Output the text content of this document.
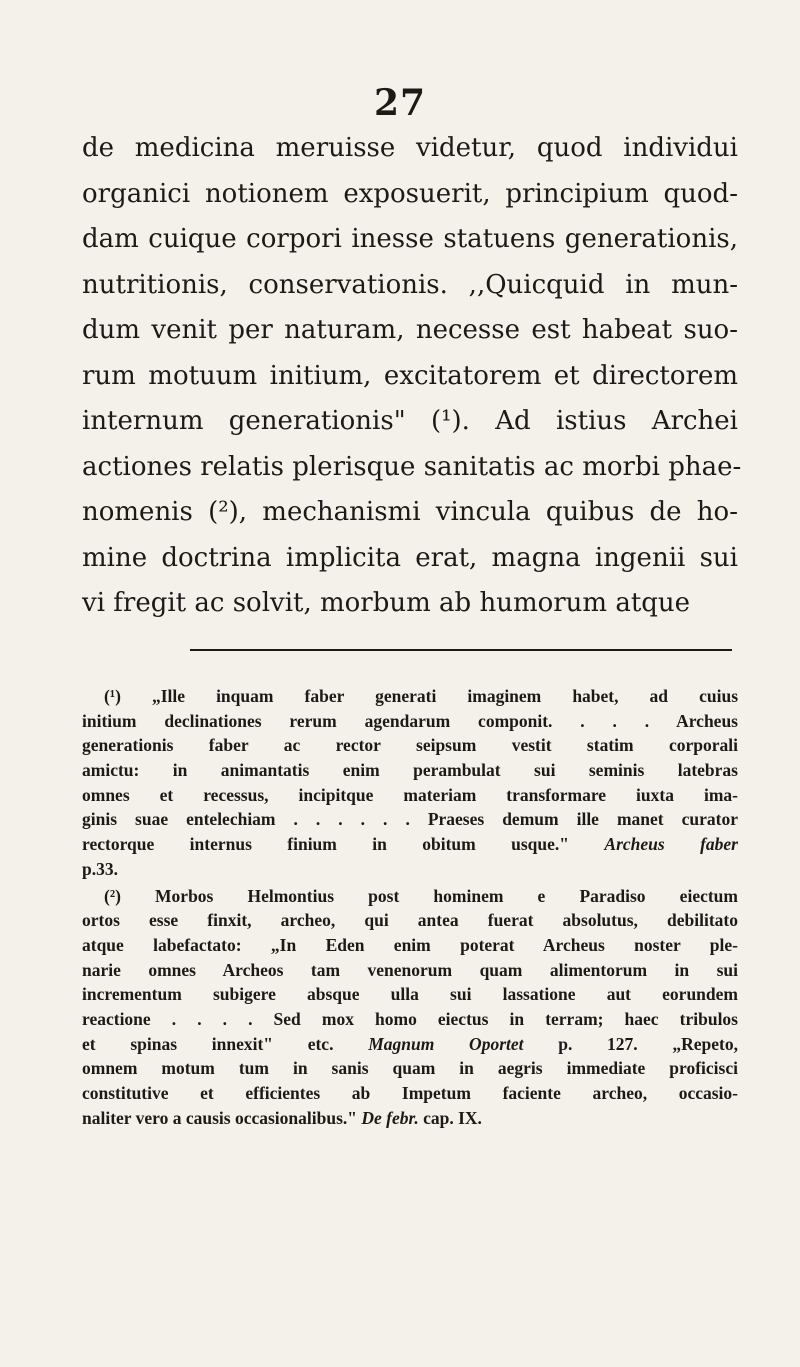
27
de medicina meruisse videtur, quod individui
organici notionem exposuerit, principium quod-
dam cuique corpori inesse statuens generationis,
nutritionis, conservationis. ,,Quicquid in mun-
dum venit per naturam, necesse est habeat suo-
rum motuum initium, excitatorem et directorem
internum generationis" (¹). Ad istius Archei
actiones relatis plerisque sanitatis ac morbi phae-
nomenis (²), mechanismi vincula quibus de ho-
mine doctrina implicita erat, magna ingenii sui
vi fregit ac solvit, morbum ab humorum atque
(¹) „Ille inquam faber generati imaginem habet, ad cuius
initium declinationes rerum agendarum componit. . . . Archeus
generationis faber ac rector seipsum vestit statim corporali
amictu: in animantatis enim perambulat sui seminis latebras
omnes et recessus, incipitque materiam transformare iuxta ima-
ginis suae entelechiam . . . . . . Praeses demum ille manet curator
rectorque internus finium in obitum usque." Archeus faber
p.33.
(²) Morbos Helmontius post hominem e Paradiso eiectum
ortos esse finxit, archeo, qui antea fuerat absolutus, debilitato
atque labefactato: „In Eden enim poterat Archeus noster ple-
narie omnes Archeos tam venenorum quam alimentorum in sui
incrementum subigere absque ulla sui lassatione aut eorundem
reactione . . . . Sed mox homo eiectus in terram; haec tribulos
et spinas innexit" etc. Magnum Oportet p. 127. „Repeto,
omnem motum tum in sanis quam in aegris immediate proficisci
constitutive et efficientes ab Impetum faciente archeo, occasio-
naliter vero a causis occasionalibus." De febr. cap. IX.
